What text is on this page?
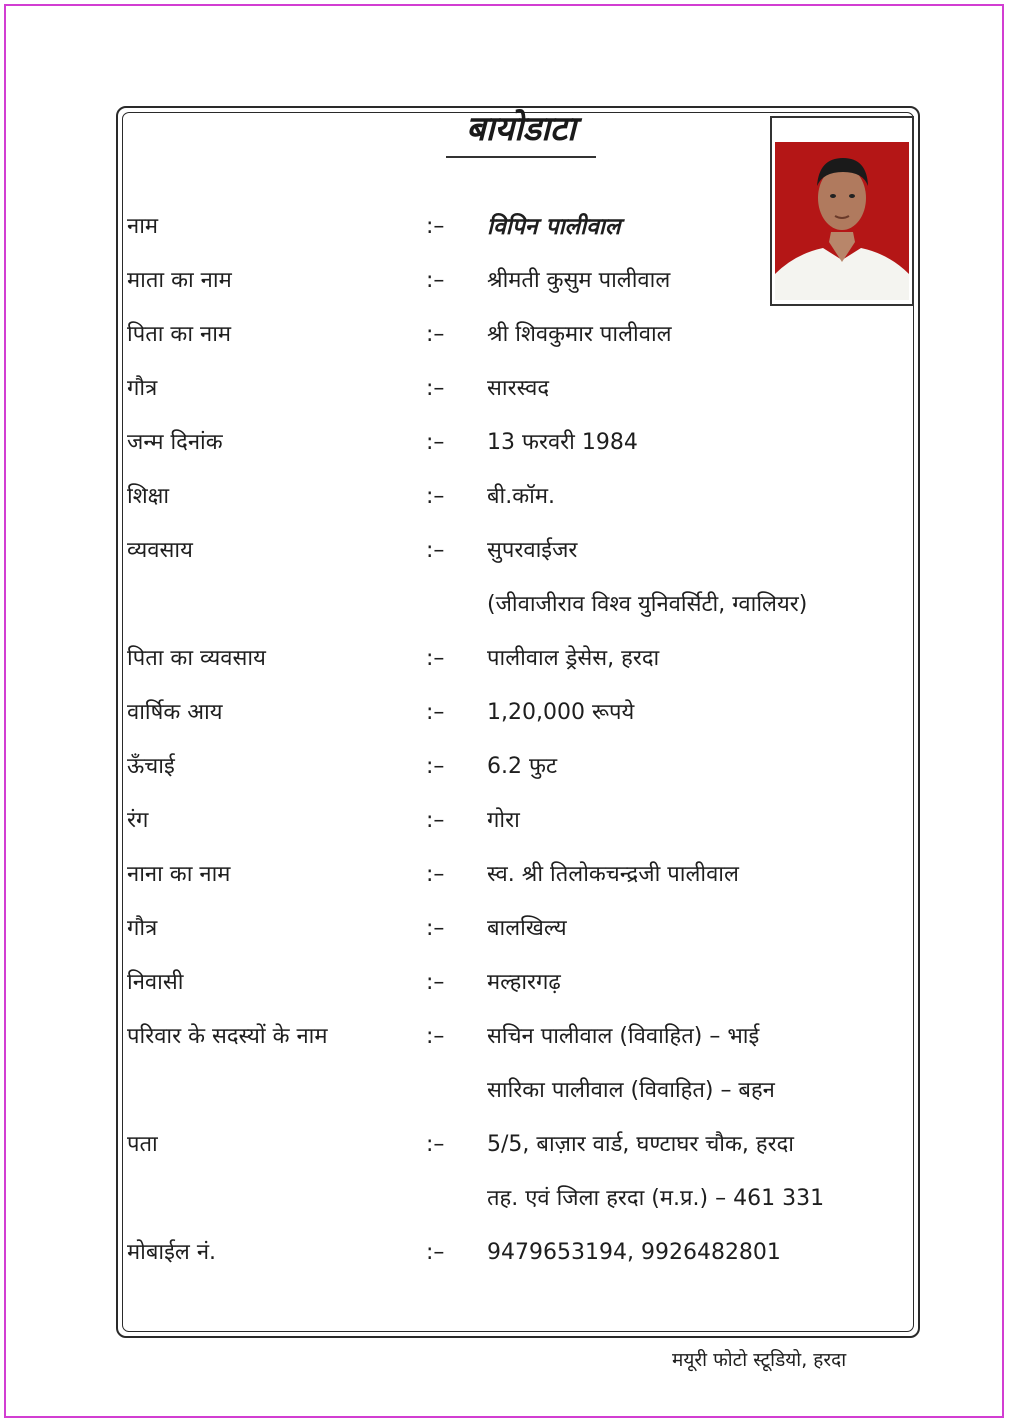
बायोडाटा
नाम	:– विपिन पालीवाल
माता का नाम	:– श्रीमती कुसुम पालीवाल
पिता का नाम	:– श्री शिवकुमार पालीवाल
गौत्र	:– सारस्वद
जन्म दिनांक	:– 13 फरवरी 1984
शिक्षा	:– बी.कॉम.
व्यवसाय	:– सुपरवाईजर
(जीवाजीराव विश्व युनिवर्सिटी, ग्वालियर)
पिता का व्यवसाय	:– पालीवाल ड्रेसेस, हरदा
वार्षिक आय	:– 1,20,000 रूपये
ऊँचाई	:– 6.2 फुट
रंग	:– गोरा
नाना का नाम	:– स्व. श्री तिलोकचन्द्रजी पालीवाल
गौत्र	:– बालखिल्य
निवासी	:– मल्हारगढ़
परिवार के सदस्यों के नाम	:– सचिन पालीवाल (विवाहित) – भाई
सारिका पालीवाल (विवाहित) – बहन
पता	:– 5/5, बाज़ार वार्ड, घण्टाघर चौक, हरदा
तह. एवं जिला हरदा (म.प्र.) – 461 331
मोबाईल नं.	:– 9479653194, 9926482801
मयूरी फोटो स्टूडियो, हरदा
